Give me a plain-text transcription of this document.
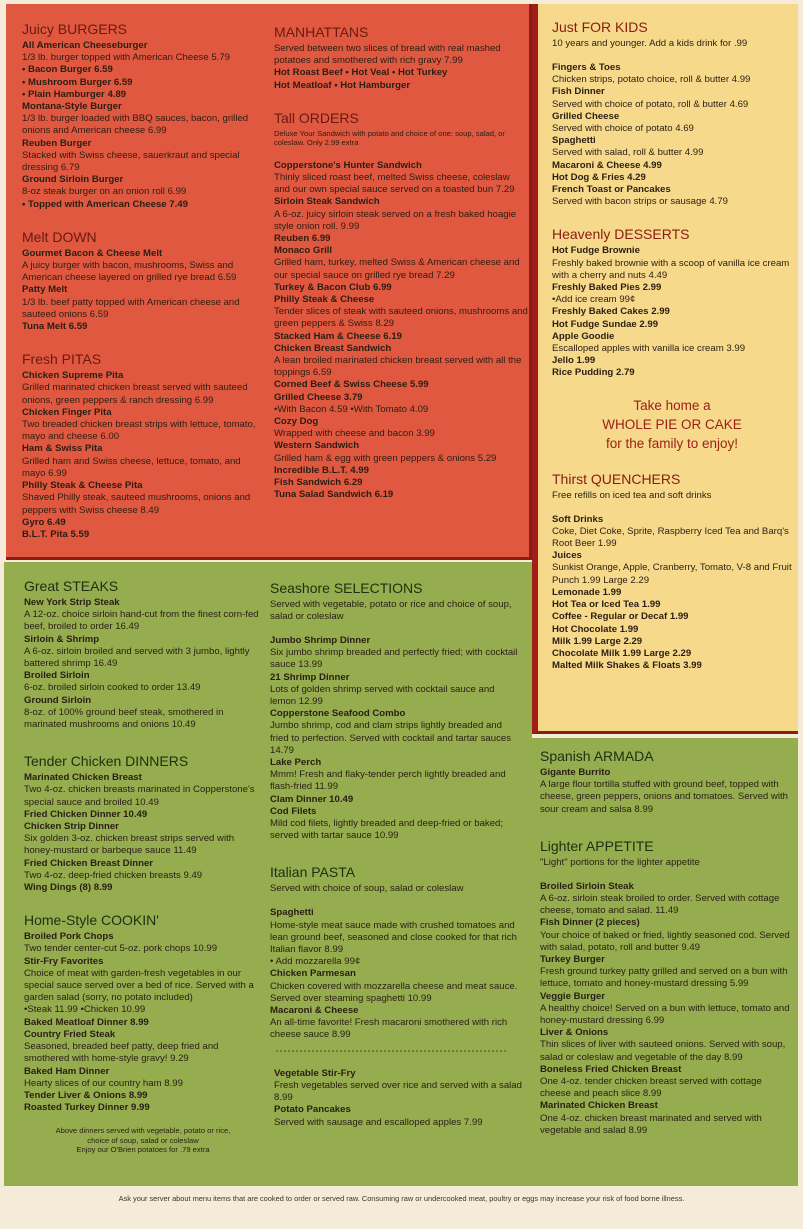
Juicy BURGERS
All American Cheeseburger
1/3 lb. burger topped with American Cheese 5.79
• Bacon Burger 6.59
• Mushroom Burger 6.59
• Plain Hamburger 4.89
Montana-Style Burger
1/3 lb. burger loaded with BBQ sauces, bacon, grilled onions and American cheese 6.99
Reuben Burger
Stacked with Swiss cheese, sauerkraut and special dressing 6.79
Ground Sirloin Burger
8-oz steak burger on an onion roll 6.99
• Topped with American Cheese 7.49
Melt DOWN
Gourmet Bacon & Cheese Melt
A juicy burger with bacon, mushrooms, Swiss and American cheese layered on grilled rye bread 6.59
Patty Melt
1/3 lb. beef patty topped with American cheese and sauteed onions 6.59
Tuna Melt 6.59
Fresh PITAS
Chicken Supreme Pita
Grilled marinated chicken breast served with sauteed onions, green peppers & ranch dressing 6.99
Chicken Finger Pita
Two breaded chicken breast strips with lettuce, tomato, mayo and cheese 6.00
Ham & Swiss Pita
Grilled ham and Swiss cheese, lettuce, tomato, and mayo 6.99
Philly Steak & Cheese Pita
Shaved Philly steak, sauteed mushrooms, onions and peppers with Swiss cheese 8.49
Gyro 6.49
B.L.T. Pita 5.59
MANHATTANS
Served between two slices of bread with real mashed potatoes and smothered with rich gravy 7.99
Hot Roast Beef • Hot Veal • Hot Turkey
Hot Meatloaf • Hot Hamburger
Tall ORDERS
Deluxe Your Sandwich with potato and choice of one: soup, salad, or coleslaw. Only 2.99 extra
Copperstone's Hunter Sandwich
Thinly sliced roast beef, melted Swiss cheese, coleslaw and our own special sauce served on a toasted bun 7.29
Sirloin Steak Sandwich
A 6-oz. juicy sirloin steak served on a fresh baked hoagie style onion roll. 9.99
Reuben 6.99
Monaco Grill
Grilled ham, turkey, melted Swiss & American cheese and our special sauce on grilled rye bread 7.29
Turkey & Bacon Club 6.99
Philly Steak & Cheese
Tender slices of steak with sauteed onions, mushrooms and green peppers & Swiss 8.29
Stacked Ham & Cheese 6.19
Chicken Breast Sandwich
A lean broiled marinated chicken breast served with all the toppings 6.59
Corned Beef & Swiss Cheese 5.99
Grilled Cheese 3.79
•With Bacon 4.59 •With Tomato 4.09
Cozy Dog
Wrapped with cheese and bacon 3.99
Western Sandwich
Grilled ham & egg with green peppers & onions 5.29
Incredible B.L.T. 4.99
Fish Sandwich 6.29
Tuna Salad Sandwich 6.19
Just FOR KIDS
10 years and younger. Add a kids drink for .99
Fingers & Toes
Chicken strips, potato choice, roll & butter 4.99
Fish Dinner
Served with choice of potato, roll & butter 4.69
Grilled Cheese
Served with choice of potato 4.69
Spaghetti
Served with salad, roll & butter 4.99
Macaroni & Cheese 4.99
Hot Dog & Fries 4.29
French Toast or Pancakes
Served with bacon strips or sausage 4.79
Heavenly DESSERTS
Hot Fudge Brownie
Freshly baked brownie with a scoop of vanilla ice cream with a cherry and nuts 4.49
Freshly Baked Pies 2.99
•Add ice cream 99¢
Freshly Baked Cakes 2.99
Hot Fudge Sundae 2.99
Apple Goodie
Escalloped apples with vanilla ice cream 3.99
Jello 1.99
Rice Pudding 2.79
Take home a
WHOLE PIE OR CAKE
for the family to enjoy!
Thirst QUENCHERS
Free refills on iced tea and soft drinks
Soft Drinks
Coke, Diet Coke, Sprite, Raspberry Iced Tea and Barq's Root Beer 1.99
Juices
Sunkist Orange, Apple, Cranberry, Tomato, V-8 and Fruit Punch 1.99 Large 2.29
Lemonade 1.99
Hot Tea or Iced Tea 1.99
Coffee - Regular or Decaf 1.99
Hot Chocolate 1.99
Milk 1.99 Large 2.29
Chocolate Milk 1.99 Large 2.29
Malted Milk Shakes & Floats 3.99
Great STEAKS
New York Strip Steak
A 12-oz. choice sirloin hand-cut from the finest corn-fed beef, broiled to order 16.49
Sirloin & Shrimp
A 6-oz. sirloin broiled and served with 3 jumbo, lightly battered shrimp 16.49
Broiled Sirloin
6-oz. broiled sirloin cooked to order 13.49
Ground Sirloin
8-oz. of 100% ground beef steak, smothered in marinated mushrooms and onions 10.49
Tender Chicken DINNERS
Marinated Chicken Breast
Two 4-oz. chicken breasts marinated in Copperstone's special sauce and broiled 10.49
Fried Chicken Dinner 10.49
Chicken Strip Dinner
Six golden 3-oz. chicken breast strips served with honey-mustard or barbeque sauce 11.49
Fried Chicken Breast Dinner
Two 4-oz. deep-fried chicken breasts 9.49
Wing Dings (8) 8.99
Home-Style COOKIN'
Broiled Pork Chops
Two tender center-cut 5-oz. pork chops 10.99
Stir-Fry Favorites
Choice of meat with garden-fresh vegetables in our special sauce served over a bed of rice. Served with a garden salad (sorry, no potato included)
•Steak 11.99 •Chicken 10.99
Baked Meatloaf Dinner 8.99
Country Fried Steak
Seasoned, breaded beef patty, deep fried and smothered with home-style gravy! 9.29
Baked Ham Dinner
Hearty slices of our country ham 8.99
Tender Liver & Onions 8.99
Roasted Turkey Dinner 9.99
Above dinners served with vegetable, potato or rice,
choice of soup, salad or coleslaw
Enjoy our O'Brien potatoes for .79 extra
Seashore SELECTIONS
Served with vegetable, potato or rice and choice of soup, salad or coleslaw
Jumbo Shrimp Dinner
Six jumbo shrimp breaded and perfectly fried; with cocktail sauce 13.99
21 Shrimp Dinner
Lots of golden shrimp served with cocktail sauce and lemon 12.99
Copperstone Seafood Combo
Jumbo shrimp, cod and clam strips lightly breaded and fried to perfection. Served with cocktail and tartar sauces 14.79
Lake Perch
Mmm! Fresh and flaky-tender perch lightly breaded and flash-fried 11.99
Clam Dinner 10.49
Cod Filets
Mild cod filets, lightly breaded and deep-fried or baked; served with tartar sauce 10.99
Italian PASTA
Served with choice of soup, salad or coleslaw
Spaghetti
Home-style meat sauce made with crushed tomatoes and lean ground beef, seasoned and close cooked for that rich Italian flavor 8.99
• Add mozzarella 99¢
Chicken Parmesan
Chicken covered with mozzarella cheese and meat sauce. Served over steaming spaghetti 10.99
Macaroni & Cheese
An all-time favorite! Fresh macaroni smothered with rich cheese sauce 8.99
Vegetable Stir-Fry
Fresh vegetables served over rice and served with a salad 8.99
Potato Pancakes
Served with sausage and escalloped apples 7.99
Spanish ARMADA
Gigante Burrito
A large flour tortilla stuffed with ground beef, topped with cheese, green peppers, onions and tomatoes. Served with sour cream and salsa 8.99
Lighter APPETITE
"Light" portions for the lighter appetite
Broiled Sirloin Steak
A 6-oz. sirloin steak broiled to order. Served with cottage cheese, tomato and salad. 11.49
Fish Dinner (2 pieces)
Your choice of baked or fried, lightly seasoned cod. Served with salad, potato, roll and butter 9.49
Turkey Burger
Fresh ground turkey patty grilled and served on a bun with lettuce, tomato and honey-mustard dressing 5.99
Veggie Burger
A healthy choice! Served on a bun with lettuce, tomato and honey-mustard dressing 6.99
Liver & Onions
Thin slices of liver with sauteed onions. Served with soup, salad or coleslaw and vegetable of the day 8.99
Boneless Fried Chicken Breast
One 4-oz. tender chicken breast served with cottage cheese and peach slice 8.99
Marinated Chicken Breast
One 4-oz. chicken breast marinated and served with vegetable and salad 8.99
Ask your server about menu items that are cooked to order or served raw. Consuming raw or undercooked meat, poultry or eggs may increase your risk of food borne illness.
